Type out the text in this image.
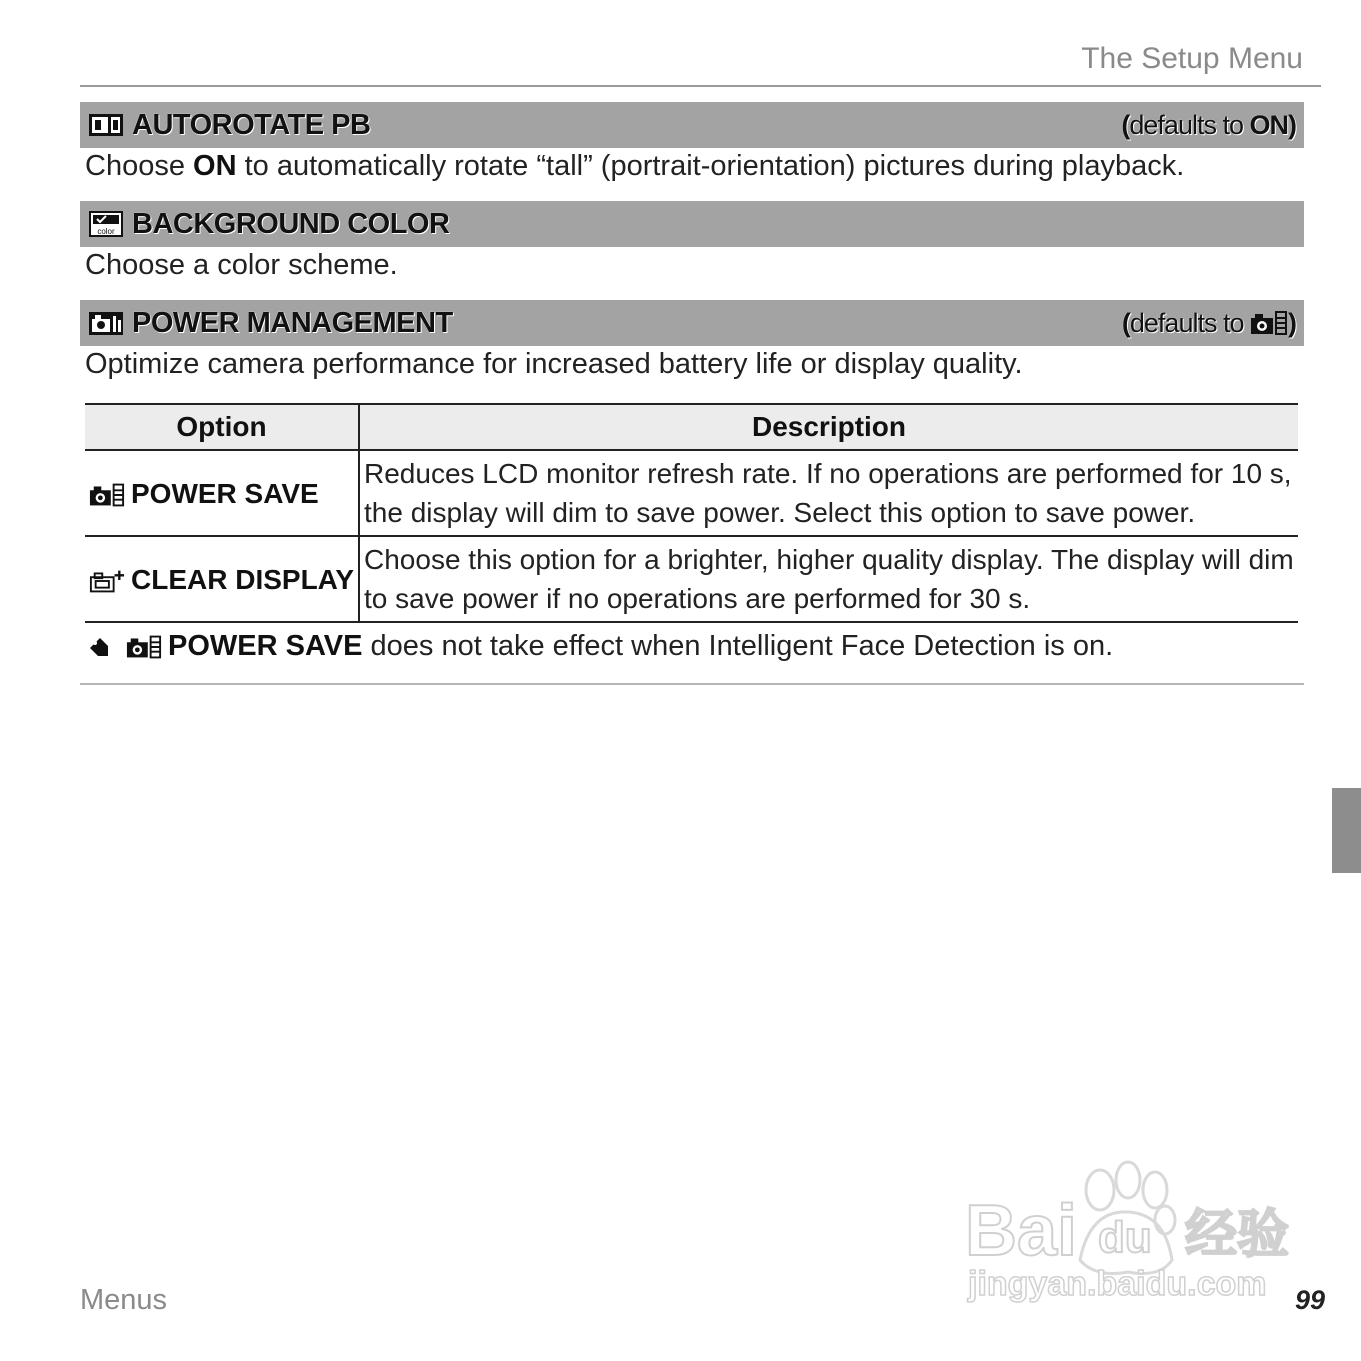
The Setup Menu
AUTOROTATE PB	( defaults to
ON )
Choose ON to automatically rotate “tall” (portrait-orientation) pictures during playback.
color BACKGROUND COLOR
Choose a color scheme.
POWER MANAGEMENT	( defaults to
)
Optimize camera performance for increased battery life or display quality.
Option	Description
POWER SAVE	Reduces LCD monitor refresh rate. If no operations are performed for 10 s, the display will dim to save power. Select this option to save power.
CLEAR DISPLAY	Choose this option for a brighter, higher quality display. The display will dim to save power if no operations are performed for 30 s.
POWER SAVE
does not take effect when Intelligent Face Detection is on.
Bai du 经验
jingyan.baidu.com
Menus	99
